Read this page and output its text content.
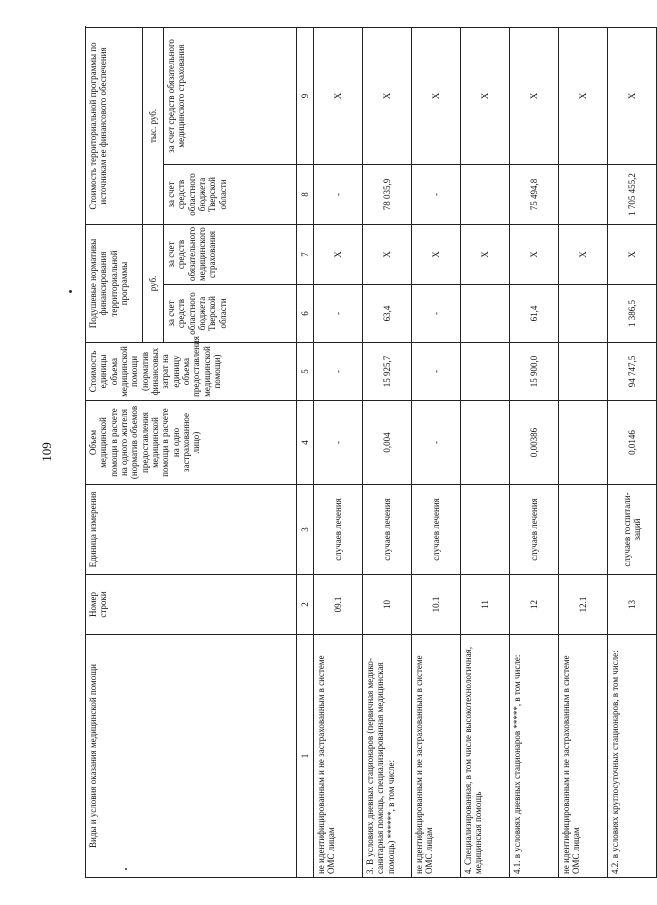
109
Виды и условия оказания медицинской помощи	Номер строки	Единица измерения	Объем медицинской помощи в расчете на одного жителя (норматив объемов предоставления медицинской помощи в расчете на одно застрахованное лицо)	Стоимость единицы объема медицинской помощи (норматив финансовых затрат на единицу объема предоставления медицинской помощи)	Подушевые нормативы финансирования территориальной программы		Стоимость территориальной программы по источникам ее финансового обеспечения		
					руб.		тыс. руб.	
					за счет средств областного бюджета Тверской области	за счет средств обязательного медицинского страхования	за счет средств областного бюджета Тверской области	за счет средств обязательного медицинского страхования	
1	2	3	4	5	6	7	8	9	
не идентифицированным и не застрахованным в системе ОМС лицам	09.1	случаев лечения	-	-	-	Х	-	Х	
3. В условиях дневных стационаров (первичная медико-санитарная помощь, специализированная медицинская помощь) ******, в том числе:	10	случаев лечения	0,004	15 925,7	63,4	Х	78 035,9	Х	
не идентифицированным и не застрахованным в системе ОМС лицам	10.1	случаев лечения	-	-	-	Х	-	Х	
4. Специализированная, в том числе высокотехнологичная, медицинская помощь	11					Х		Х	
4.1. в условиях дневных стационаров *****, в том числе:	12	случаев лечения	0,00386	15 900,0	61,4	Х	75 494,8	Х	
не идентифицированным и не застрахованным в системе ОМС лицам	12.1					Х		Х	
4.2. в условиях круглосуточных стационаров, в том числе:	13	случаев госпитали-заций	0,0146	94 747,5	1 386,5	Х	1 705 455,2	Х	
